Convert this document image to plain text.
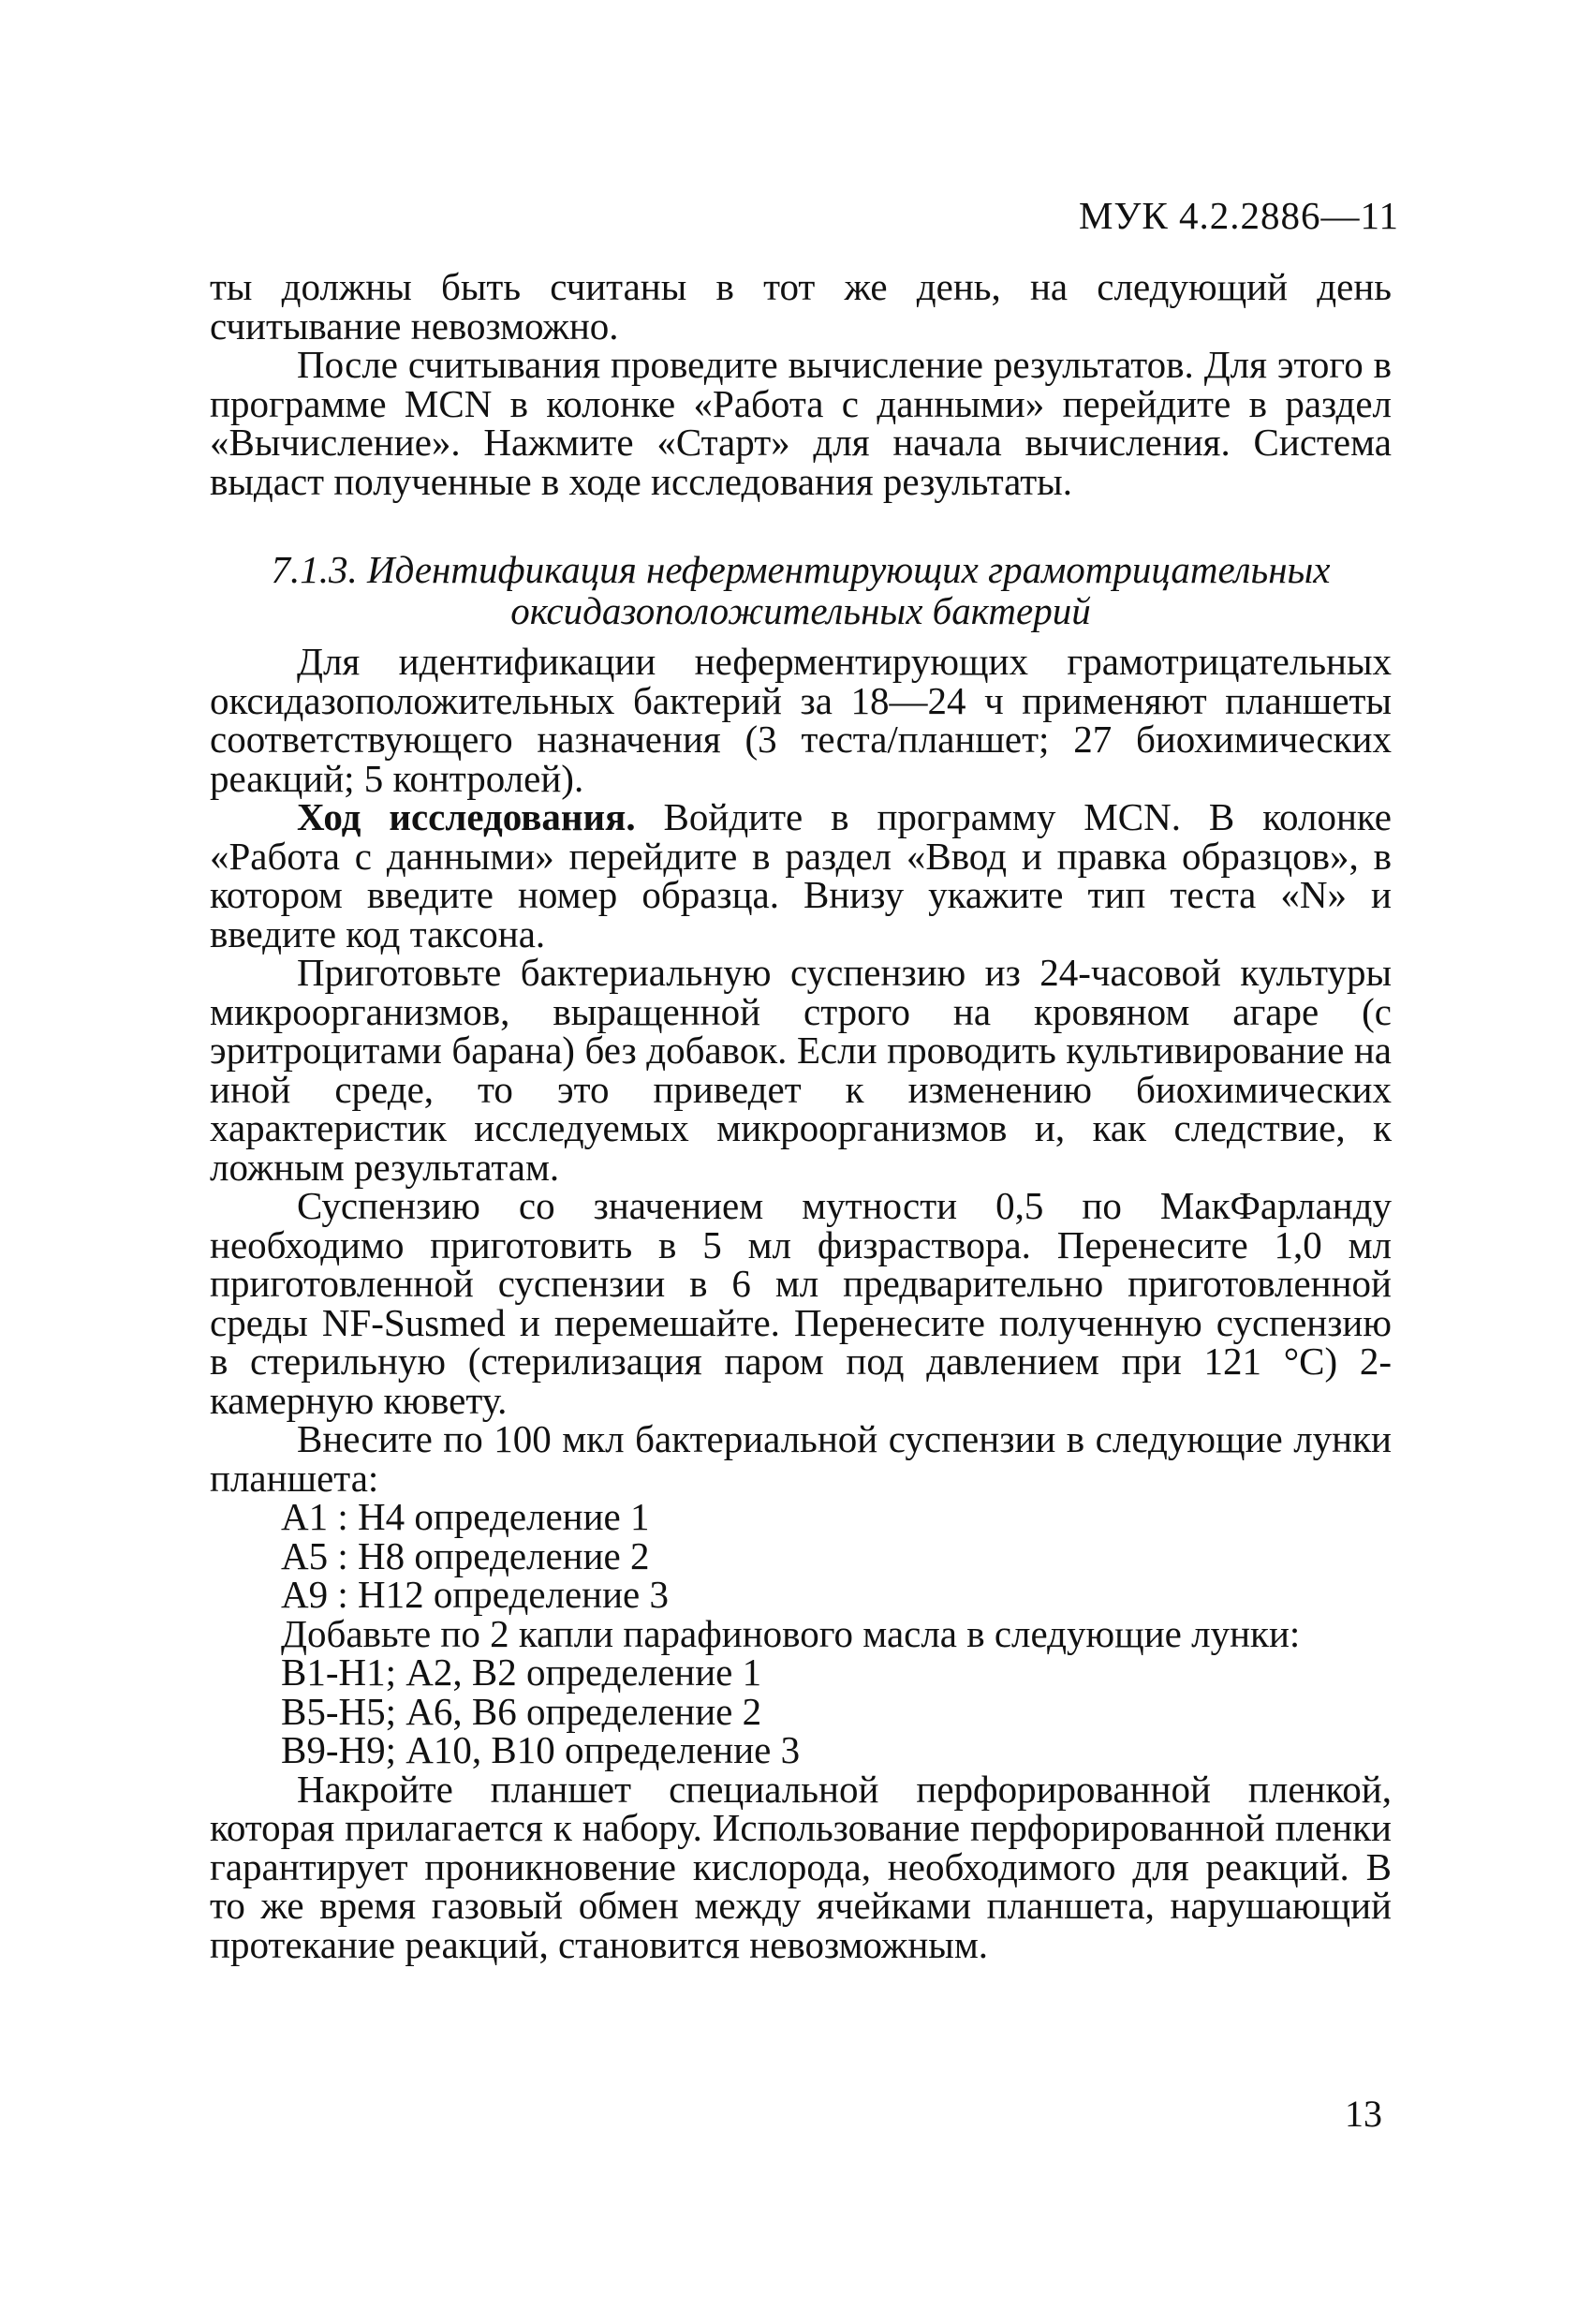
МУК 4.2.2886—11

ты должны быть считаны в тот же день, на следующий день считывание невозможно.

После считывания проведите вычисление результатов. Для этого в программе MCN в колонке «Работа с данными» перейдите в раздел «Вычисление». Нажмите «Старт» для начала вычисления. Система выдаст полученные в ходе исследования результаты.

7.1.3. Идентификация неферментирующих грамотрицательных
оксидазоположительных бактерий

Для идентификации неферментирующих грамотрицательных оксидазоположительных бактерий за 18—24 ч применяют планшеты соответствующего назначения (3 теста/планшет; 27 биохимических реакций; 5 контролей).

Ход исследования. Войдите в программу MCN. В колонке «Работа с данными» перейдите в раздел «Ввод и правка образцов», в котором введите номер образца. Внизу укажите тип теста «N» и введите код таксона.

Приготовьте бактериальную суспензию из 24-часовой культуры микроорганизмов, выращенной строго на кровяном агаре (с эритроцитами барана) без добавок. Если проводить культивирование на иной среде, то это приведет к изменению биохимических характеристик исследуемых микроорганизмов и, как следствие, к ложным результатам.

Суспензию со значением мутности 0,5 по МакФарланду необходимо приготовить в 5 мл физраствора. Перенесите 1,0 мл приготовленной суспензии в 6 мл предварительно приготовленной среды NF-Susmed и перемешайте. Перенесите полученную суспензию в стерильную (стерилизация паром под давлением при 121 °С) 2-камерную кювету.

Внесите по 100 мкл бактериальной суспензии в следующие лунки планшета:

А1 : Н4 определение 1
А5 : Н8 определение 2
А9 : Н12 определение 3

Добавьте по 2 капли парафинового масла в следующие лунки:

В1-Н1; А2, В2 определение 1
В5-Н5; А6, В6 определение 2
В9-Н9; А10, В10 определение 3

Накройте планшет специальной перфорированной пленкой, которая прилагается к набору. Использование перфорированной пленки гарантирует проникновение кислорода, необходимого для реакций. В то же время газовый обмен между ячейками планшета, нарушающий протекание реакций, становится невозможным.

13
